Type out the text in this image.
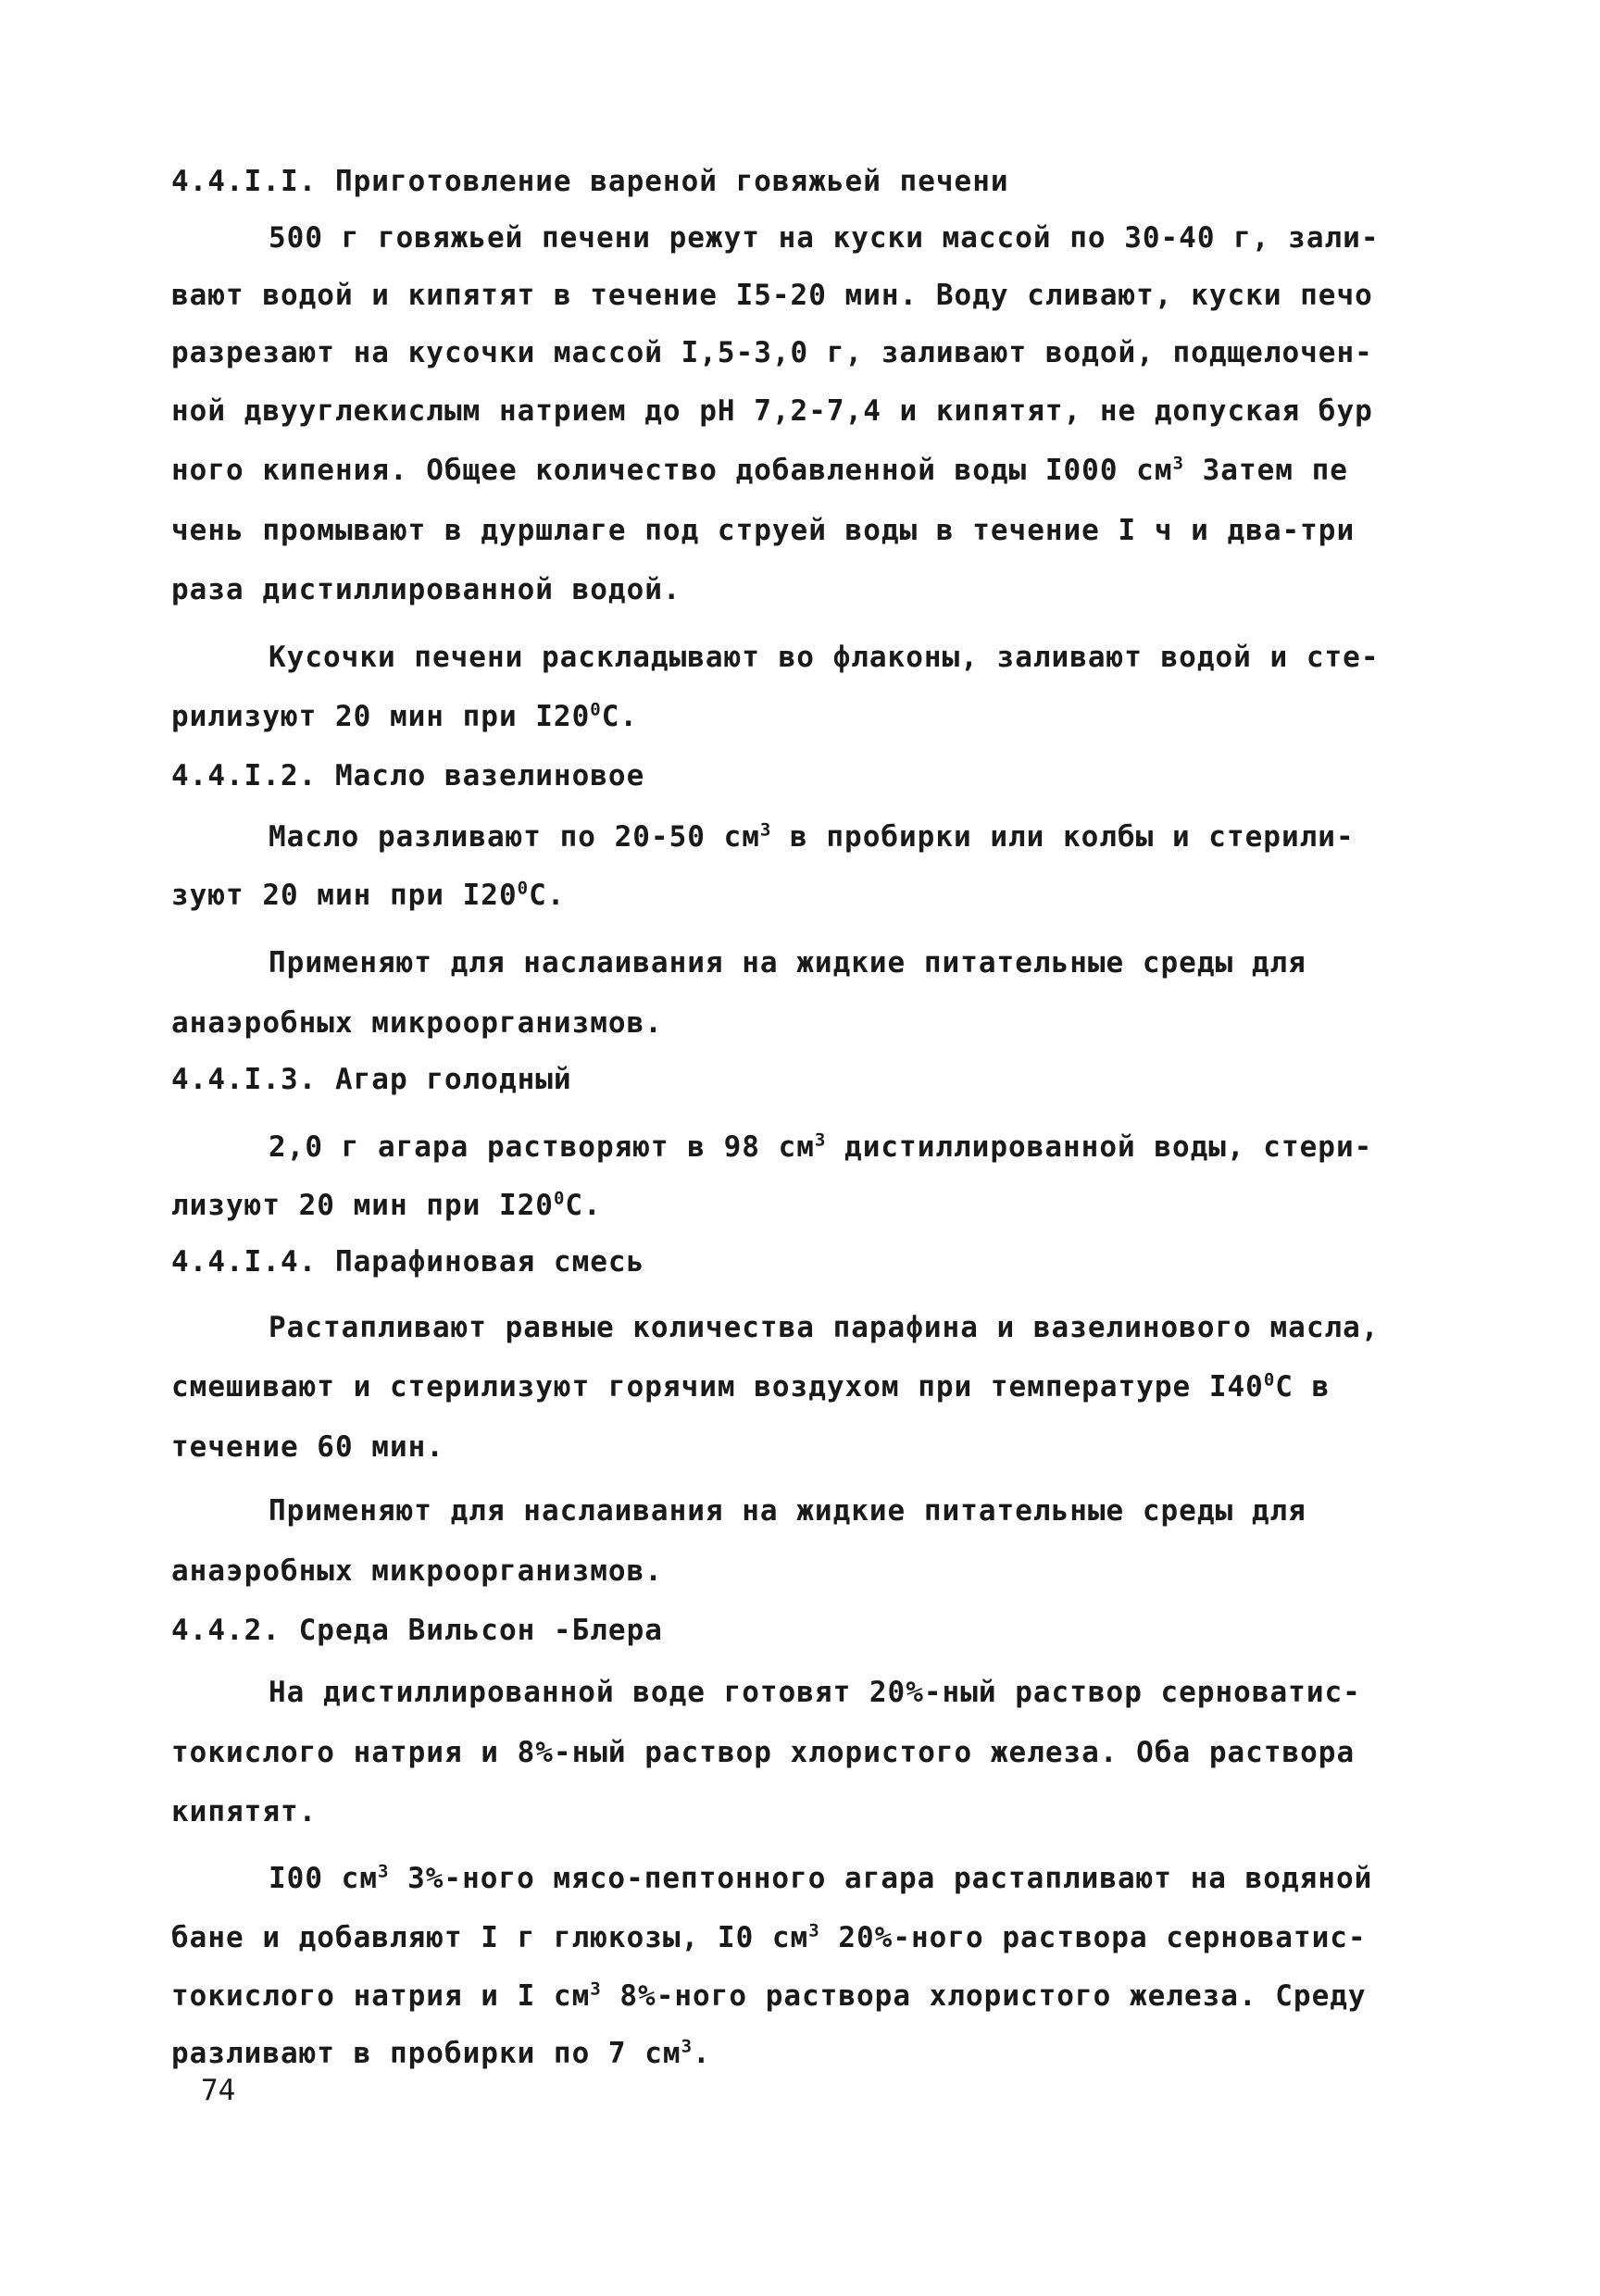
4.4.I.I. Приготовление вареной говяжьей печени
500 г говяжьей печени режут на куски массой по 30-40 г, зали-
вают водой и кипятят в течение I5-20 мин. Воду сливают, куски печо
разрезают на кусочки массой I,5-3,0 г, заливают водой, подщелочен-
ной двууглекислым натрием до pH 7,2-7,4 и кипятят, не допуская бур
ного кипения. Общее количество добавленной воды I000 $см^3$ Затем пе
чень промывают в дуршлаге под струей воды в течение I ч и два-три
раза дистиллированной водой.
Кусочки печени раскладывают во флаконы, заливают водой и сте-
рилизуют 20 мин при $I20^0С$.
4.4.I.2. Масло вазелиновое
Масло разливают по 20-50 $см^3$ в пробирки или колбы и стерили-
зуют 20 мин при $I20^0С$.
Применяют для наслаивания на жидкие питательные среды для
анаэробных микроорганизмов.
4.4.I.3. Агар голодный
2,0 г агара растворяют в 98 $см^3$ дистиллированной воды, стери-
лизуют 20 мин при $I20^0С$.
4.4.I.4. Парафиновая смесь
Растапливают равные количества парафина и вазелинового масла,
смешивают и стерилизуют горячим воздухом при температуре $I40^0С$ в
течение 60 мин.
Применяют для наслаивания на жидкие питательные среды для
анаэробных микроорганизмов.
4.4.2. Среда Вильсон -Блера
На дистиллированной воде готовят 20%-ный раствор серноватис-
токислого натрия и 8%-ный раствор хлористого железа. Оба раствора
кипятят.
I00 $см^3$ 3%-ного мясо-пептонного агара растапливают на водяной
бане и добавляют I г глюкозы, I0 $см^3$ 20%-ного раствора серноватис-
токислого натрия и I $см^3$ 8%-ного раствора хлористого железа. Среду
разливают в пробирки по 7 $см^3$.
74
